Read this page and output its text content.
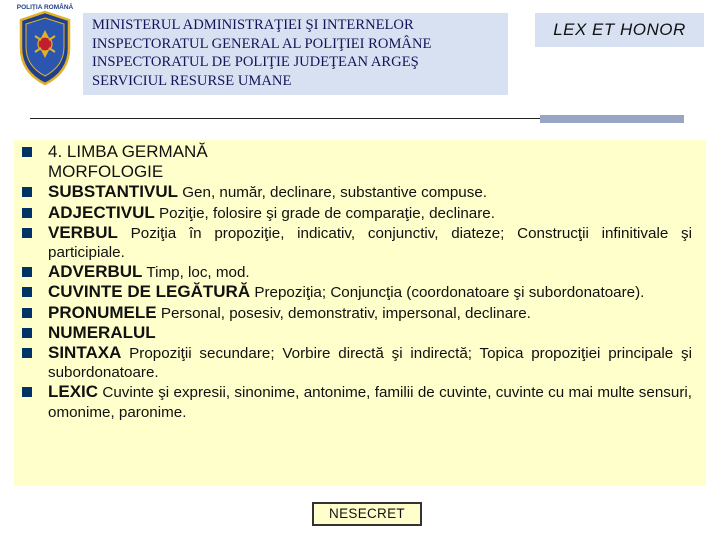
POLIȚIA ROMÂNĂ
MINISTERUL ADMINISTRAŢIEI ŞI INTERNELOR
INSPECTORATUL GENERAL AL POLIŢIEI ROMÂNE
INSPECTORATUL DE POLIŢIE JUDEŢEAN ARGEŞ
SERVICIUL RESURSE UMANE
LEX ET HONOR
4. LIMBA GERMANĂ
MORFOLOGIE
SUBSTANTIVUL Gen, număr, declinare, substantive compuse.
ADJECTIVUL Poziţie, folosire şi grade de comparaţie, declinare.
VERBUL Poziţia în propoziţie, indicativ, conjunctiv, diateze; Construcţii infinitivale şi participiale.
ADVERBUL Timp, loc, mod.
CUVINTE DE LEGĂTURĂ Prepoziţia; Conjuncţia (coordonatoare şi subordonatoare).
PRONUMELE Personal, posesiv, demonstrativ, impersonal, declinare.
NUMERALUL
SINTAXA Propoziţii secundare; Vorbire directă şi indirectă; Topica propoziţiei principale şi subordonatoare.
LEXIC Cuvinte şi expresii, sinonime, antonime, familii de cuvinte, cuvinte cu mai multe sensuri, omonime, paronime.
NESECRET
